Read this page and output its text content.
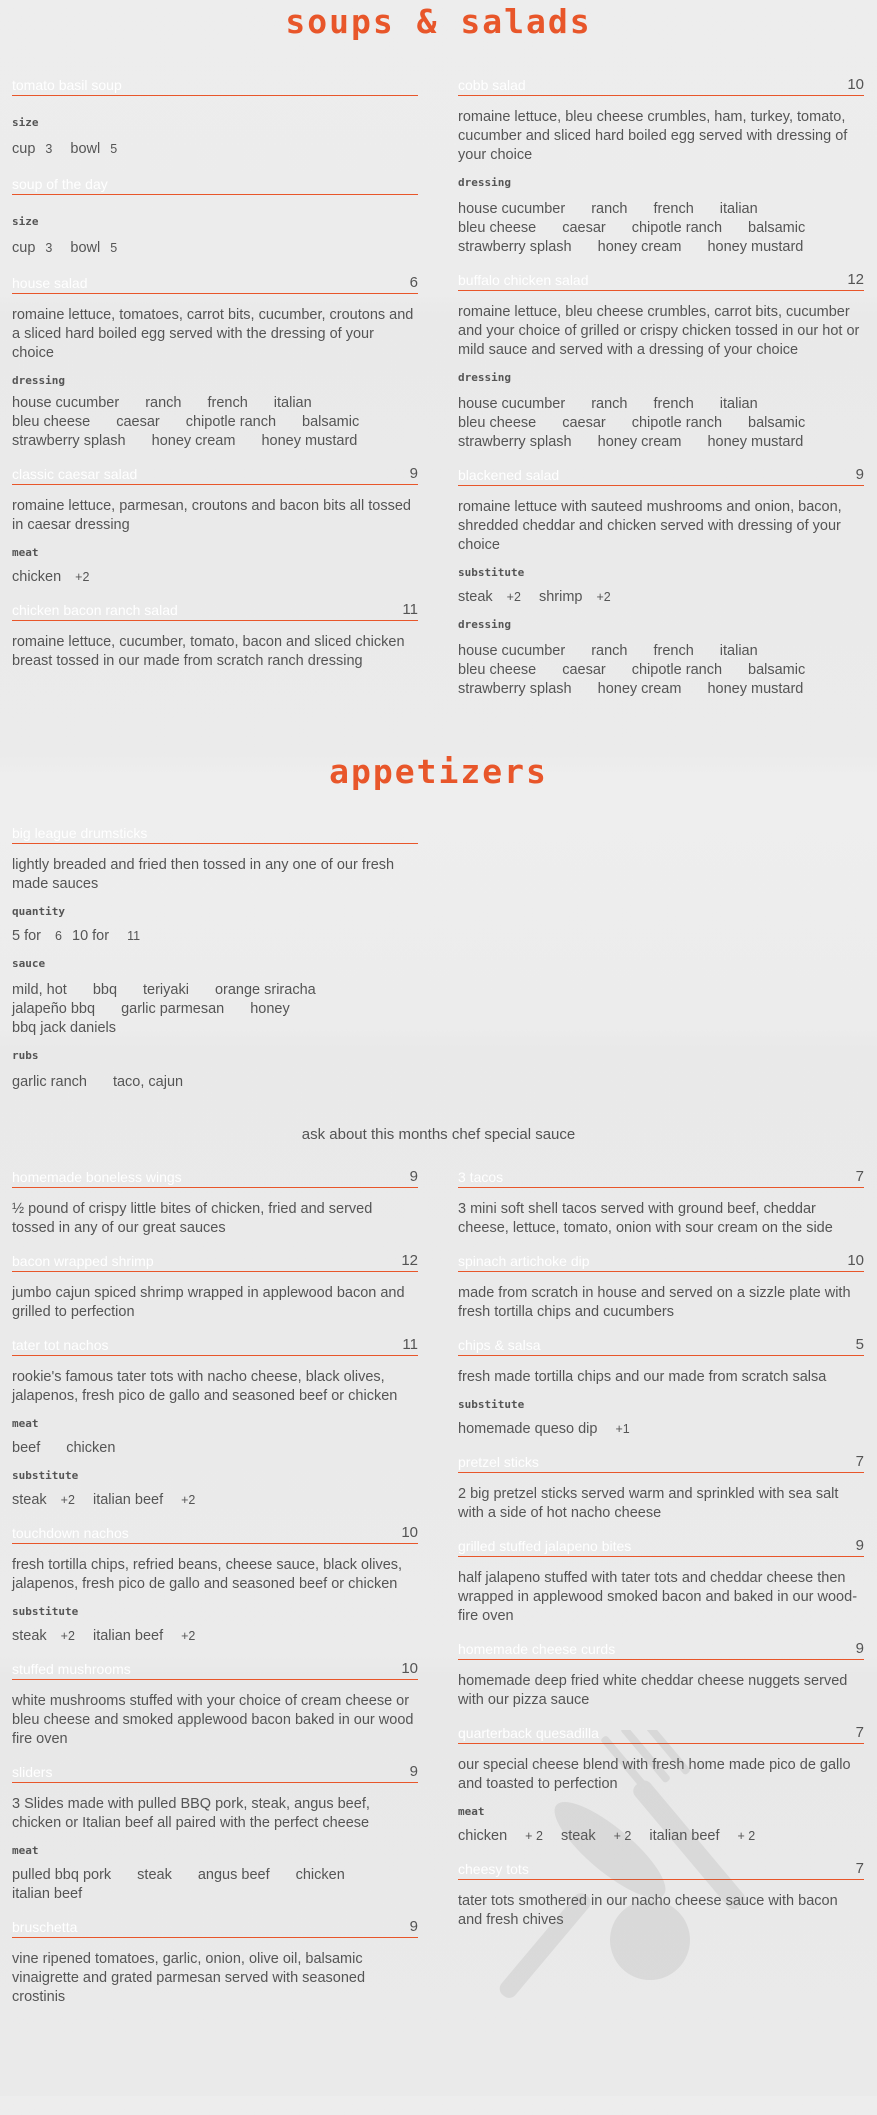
soups & salads
tomato basil soup
size
cup 3 bowl 5
soup of the day
size
cup 3 bowl 5
house salad	6
romaine lettuce, tomatoes, carrot bits, cucumber, croutons and a sliced hard boiled egg served with the dressing of your choice
dressing
house cucumber ranch french italian
bleu cheese caesar chipotle ranch balsamic
strawberry splash honey cream honey mustard
classic caesar salad	9
romaine lettuce, parmesan, croutons and bacon bits all tossed in caesar dressing
meat
chicken +2
chicken bacon ranch salad	11
romaine lettuce, cucumber, tomato, bacon and sliced chicken breast tossed in our made from scratch ranch dressing
cobb salad	10
romaine lettuce, bleu cheese crumbles, ham, turkey, tomato, cucumber and sliced hard boiled egg served with dressing of your choice
dressing
house cucumber ranch french italian
bleu cheese caesar chipotle ranch balsamic
strawberry splash honey cream honey mustard
buffalo chicken salad	12
romaine lettuce, bleu cheese crumbles, carrot bits, cucumber and your choice of grilled or crispy chicken tossed in our hot or mild sauce and served with a dressing of your choice
dressing
house cucumber ranch french italian
bleu cheese caesar chipotle ranch balsamic
strawberry splash honey cream honey mustard
blackened salad	9
romaine lettuce with sauteed mushrooms and onion, bacon, shredded cheddar and chicken served with dressing of your choice
substitute
steak +2 shrimp +2
dressing
house cucumber ranch french italian
bleu cheese caesar chipotle ranch balsamic
strawberry splash honey cream honey mustard
appetizers
big league drumsticks
lightly breaded and fried then tossed in any one of our fresh made sauces
quantity
5 for 6 10 for 11
sauce
mild, hot bbq teriyaki orange sriracha
jalapeño bbq garlic parmesan honey
bbq jack daniels
rubs
garlic ranch taco, cajun
ask about this months chef special sauce
homemade boneless wings	9
½ pound of crispy little bites of chicken, fried and served tossed in any of our great sauces
bacon wrapped shrimp	12
jumbo cajun spiced shrimp wrapped in applewood bacon and grilled to perfection
tater tot nachos	11
rookie's famous tater tots with nacho cheese, black olives, jalapenos, fresh pico de gallo and seasoned beef or chicken
meat
beef chicken
substitute
steak +2 italian beef +2
touchdown nachos	10
fresh tortilla chips, refried beans, cheese sauce, black olives, jalapenos, fresh pico de gallo and seasoned beef or chicken
substitute
steak +2 italian beef +2
stuffed mushrooms	10
white mushrooms stuffed with your choice of cream cheese or bleu cheese and smoked applewood bacon baked in our wood fire oven
sliders	9
3 Slides made with pulled BBQ pork, steak, angus beef, chicken or Italian beef all paired with the perfect cheese
meat
pulled bbq pork steak angus beef chicken
italian beef
bruschetta	9
vine ripened tomatoes, garlic, onion, olive oil, balsamic vinaigrette and grated parmesan served with seasoned crostinis
3 tacos	7
3 mini soft shell tacos served with ground beef, cheddar cheese, lettuce, tomato, onion with sour cream on the side
spinach artichoke dip	10
made from scratch in house and served on a sizzle plate with fresh tortilla chips and cucumbers
chips & salsa	5
fresh made tortilla chips and our made from scratch salsa
substitute
homemade queso dip +1
pretzel sticks	7
2 big pretzel sticks served warm and sprinkled with sea salt with a side of hot nacho cheese
grilled stuffed jalapeno bites	9
half jalapeno stuffed with tater tots and cheddar cheese then wrapped in applewood smoked bacon and baked in our wood-fire oven
homemade cheese curds	9
homemade deep fried white cheddar cheese nuggets served with our pizza sauce
quarterback quesadilla	7
our special cheese blend with fresh home made pico de gallo and toasted to perfection
meat
chicken + 2 steak + 2 italian beef + 2
cheesy tots	7
tater tots smothered in our nacho cheese sauce with bacon and fresh chives
